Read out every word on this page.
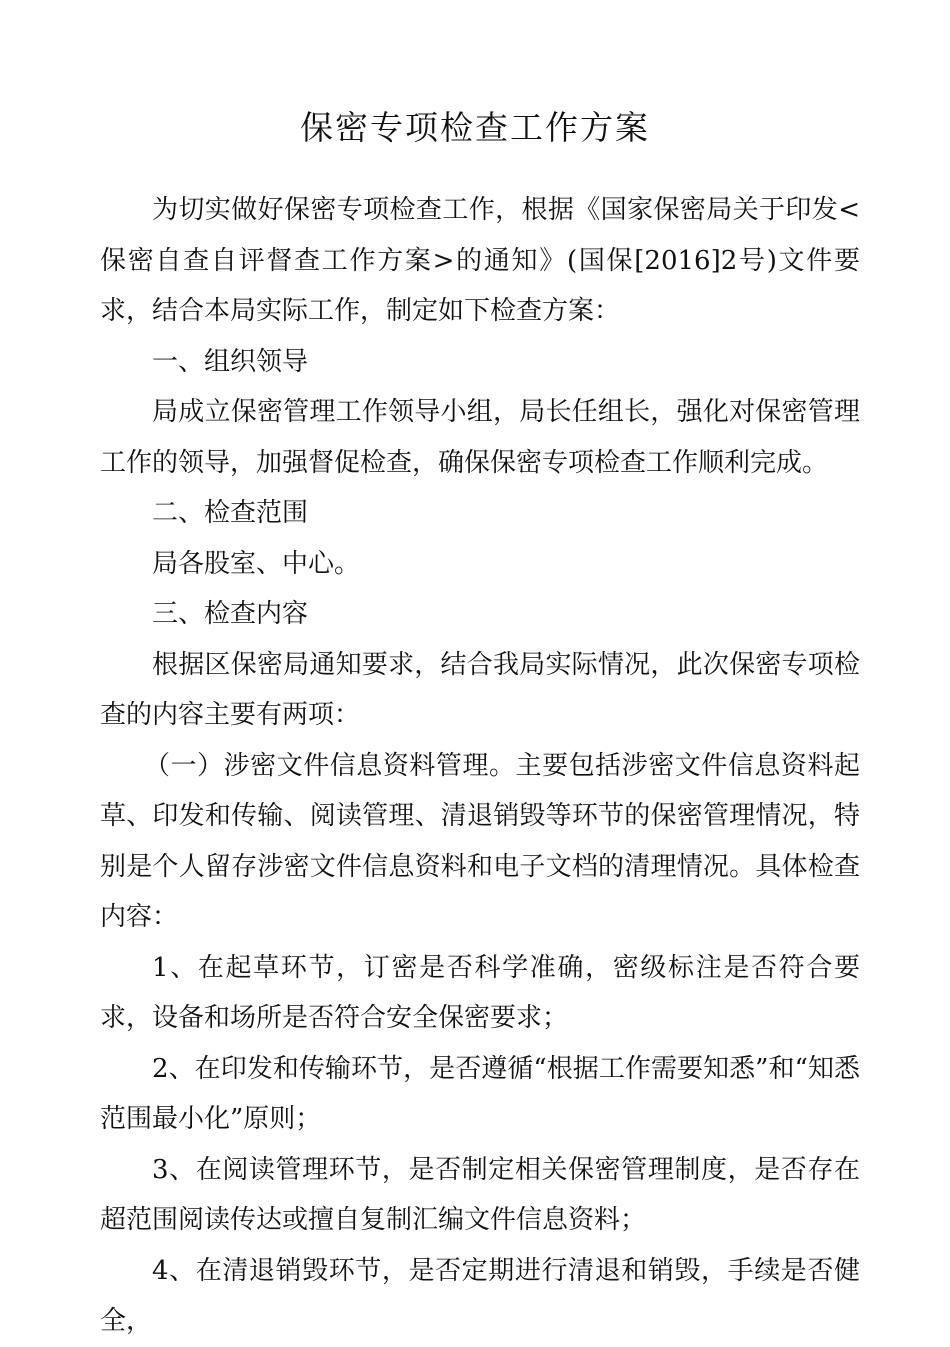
保密专项检查工作方案

为切实做好保密专项检查工作，根据《国家保密局关于印发<保密自查自评督查工作方案>的通知》(国保[2016]2号)文件要求，结合本局实际工作，制定如下检查方案：

一、组织领导

局成立保密管理工作领导小组，局长任组长，强化对保密管理工作的领导，加强督促检查，确保保密专项检查工作顺利完成。

二、检查范围

局各股室、中心。

三、检查内容

根据区保密局通知要求，结合我局实际情况，此次保密专项检查的内容主要有两项：

（一）涉密文件信息资料管理。主要包括涉密文件信息资料起草、印发和传输、阅读管理、清退销毁等环节的保密管理情况，特别是个人留存涉密文件信息资料和电子文档的清理情况。具体检查内容：

1、在起草环节，订密是否科学准确，密级标注是否符合要求，设备和场所是否符合安全保密要求；

2、在印发和传输环节，是否遵循“根据工作需要知悉”和“知悉范围最小化”原则；

3、在阅读管理环节，是否制定相关保密管理制度，是否存在超范围阅读传达或擅自复制汇编文件信息资料；

4、在清退销毁环节，是否定期进行清退和销毁，手续是否健全，
